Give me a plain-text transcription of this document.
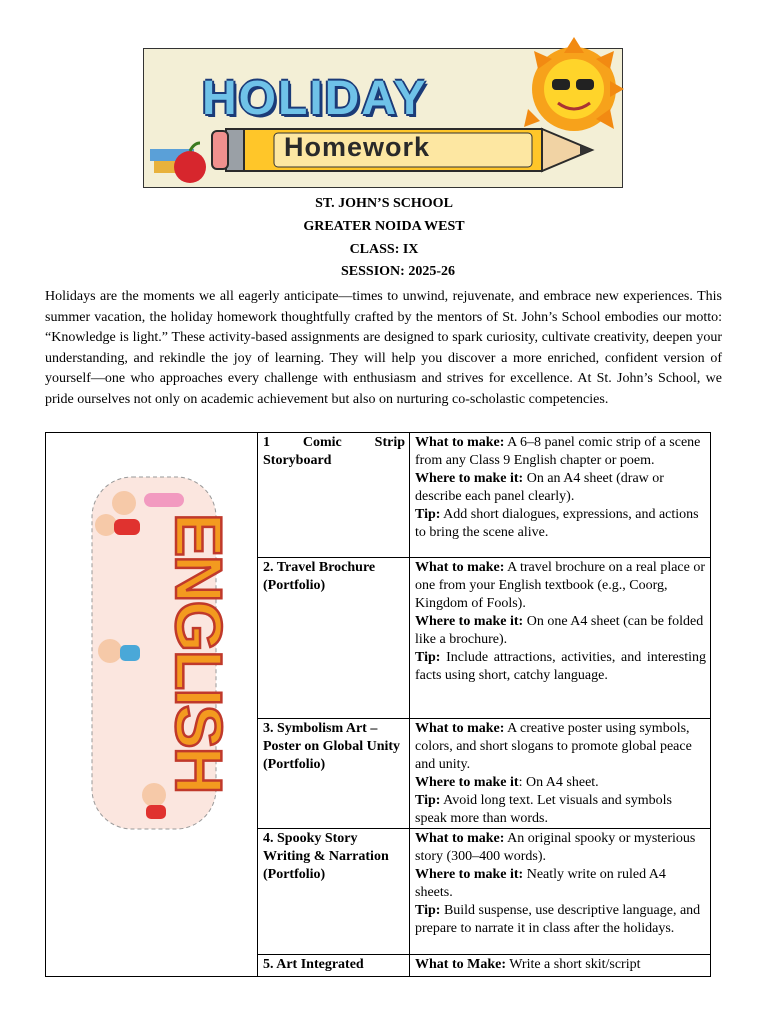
HOLIDAY
Homework
ST. JOHN’S SCHOOL
GREATER NOIDA WEST
CLASS: IX
SESSION: 2025-26
Holidays are the moments we all eagerly anticipate—times to unwind, rejuvenate, and embrace new experiences. This summer vacation, the holiday homework thoughtfully crafted by the mentors of St. John’s School embodies our motto: “Knowledge is light.” These activity-based assignments are designed to spark curiosity, cultivate creativity, deepen your understanding, and rekindle the joy of learning. They will help you discover a more enriched, confident version of yourself—one who approaches every challenge with enthusiasm and strives for excellence. At St. John’s School, we pride ourselves not only on academic achievement but also on nurturing co-scholastic competencies.
ENGLISH	1 Comic Strip Storyboard	What to make: A 6–8 panel comic strip of a scene from any Class 9 English chapter or poem.
Where to make it: On an A4 sheet (draw or describe each panel clearly).
Tip: Add short dialogues, expressions, and actions to bring the scene alive.
	2. Travel Brochure (Portfolio)	What to make: A travel brochure on a real place or one from your English textbook (e.g., Coorg, Kingdom of Fools).
Where to make it: On one A4 sheet (can be folded like a brochure).

Tip: Include attractions, activities, and interesting facts using short, catchy language.

	3. Symbolism Art – Poster on Global Unity (Portfolio)	What to make: A creative poster using symbols, colors, and short slogans to promote global peace and unity.
Where to make it: On A4 sheet.
Tip: Avoid long text. Let visuals and symbols speak more than words.
	4. Spooky Story Writing & Narration (Portfolio)	What to make: An original spooky or mysterious story (300–400 words).
Where to make it: Neatly write on ruled A4 sheets.
Tip: Build suspense, use descriptive language, and prepare to narrate it in class after the holidays.
	5. Art Integrated	What to Make: Write a short skit/script
